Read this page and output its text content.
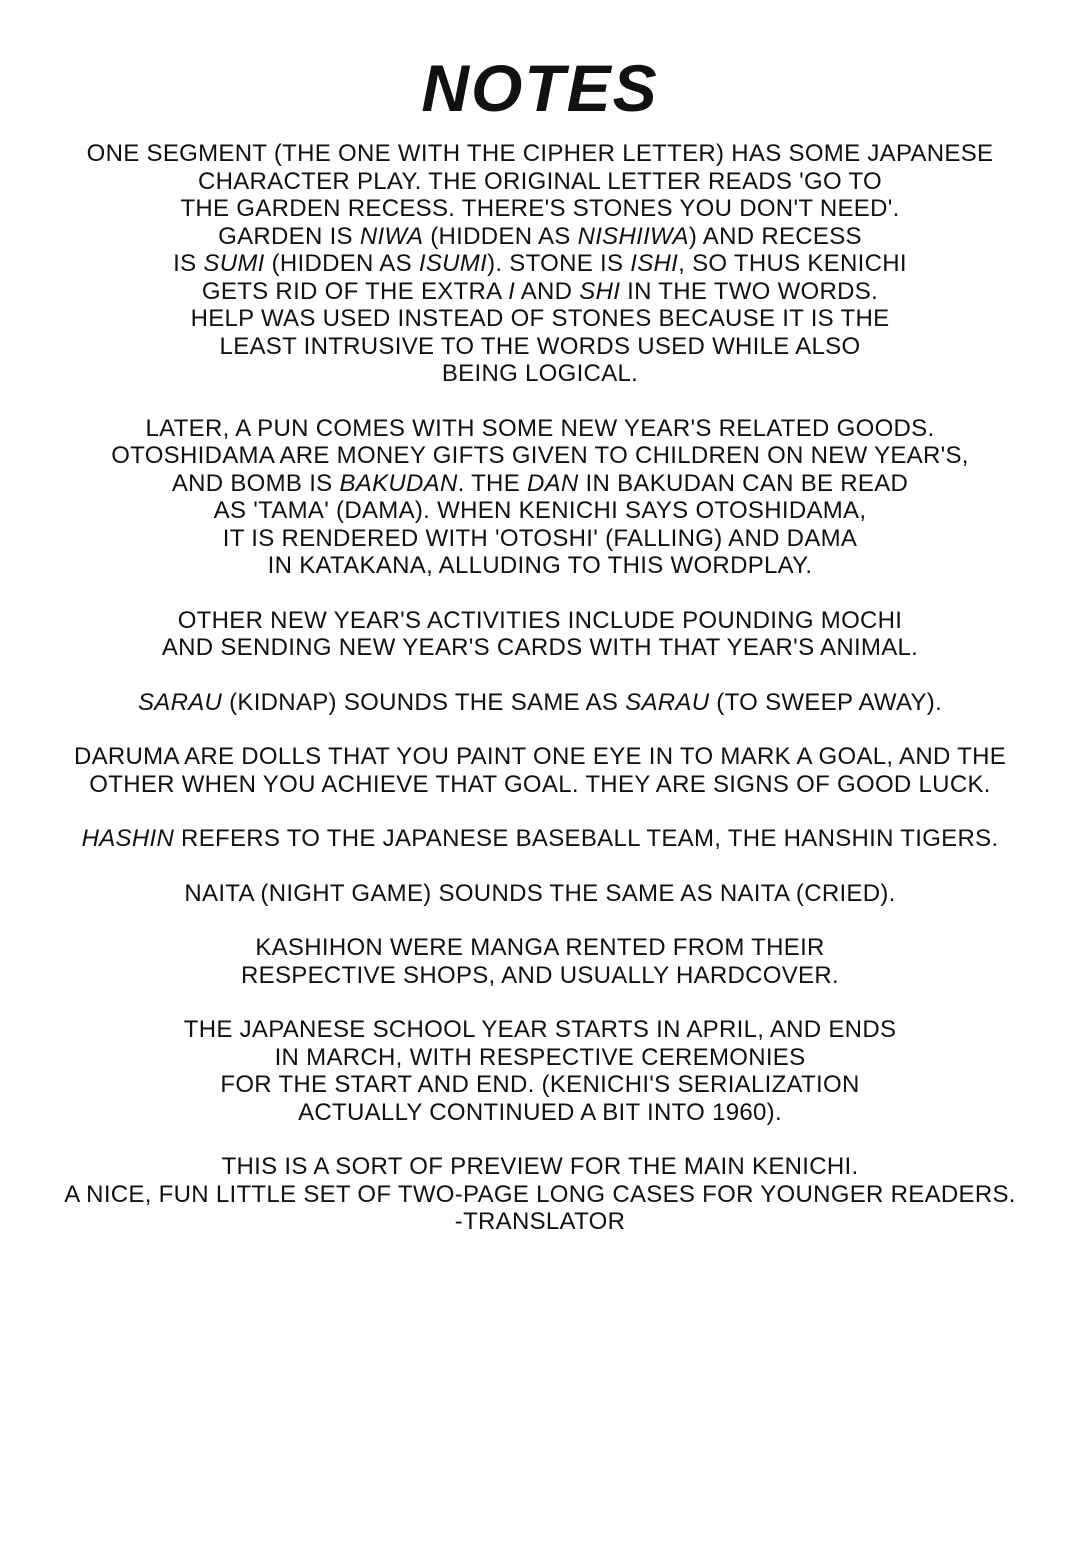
NOTES
ONE SEGMENT (THE ONE WITH THE CIPHER LETTER) HAS SOME JAPANESE
CHARACTER PLAY. THE ORIGINAL LETTER READS 'GO TO
THE GARDEN RECESS. THERE'S STONES YOU DON'T NEED'.
GARDEN IS NIWA (HIDDEN AS NISHIIWA) AND RECESS
IS SUMI (HIDDEN AS ISUMI). STONE IS ISHI, SO THUS KENICHI
GETS RID OF THE EXTRA I AND SHI IN THE TWO WORDS.
HELP WAS USED INSTEAD OF STONES BECAUSE IT IS THE
LEAST INTRUSIVE TO THE WORDS USED WHILE ALSO
BEING LOGICAL.
LATER, A PUN COMES WITH SOME NEW YEAR'S RELATED GOODS.
OTOSHIDAMA ARE MONEY GIFTS GIVEN TO CHILDREN ON NEW YEAR'S,
AND BOMB IS BAKUDAN. THE DAN IN BAKUDAN CAN BE READ
AS 'TAMA' (DAMA). WHEN KENICHI SAYS OTOSHIDAMA,
IT IS RENDERED WITH 'OTOSHI' (FALLING) AND DAMA
IN KATAKANA, ALLUDING TO THIS WORDPLAY.
OTHER NEW YEAR'S ACTIVITIES INCLUDE POUNDING MOCHI
AND SENDING NEW YEAR'S CARDS WITH THAT YEAR'S ANIMAL.
SARAU (KIDNAP) SOUNDS THE SAME AS SARAU (TO SWEEP AWAY).
DARUMA ARE DOLLS THAT YOU PAINT ONE EYE IN TO MARK A GOAL, AND THE
OTHER WHEN YOU ACHIEVE THAT GOAL. THEY ARE SIGNS OF GOOD LUCK.
HASHIN REFERS TO THE JAPANESE BASEBALL TEAM, THE HANSHIN TIGERS.
NAITA (NIGHT GAME) SOUNDS THE SAME AS NAITA (CRIED).
KASHIHON WERE MANGA RENTED FROM THEIR
RESPECTIVE SHOPS, AND USUALLY HARDCOVER.
THE JAPANESE SCHOOL YEAR STARTS IN APRIL, AND ENDS
IN MARCH, WITH RESPECTIVE CEREMONIES
FOR THE START AND END. (KENICHI'S SERIALIZATION
ACTUALLY CONTINUED A BIT INTO 1960).
THIS IS A SORT OF PREVIEW FOR THE MAIN KENICHI.
A NICE, FUN LITTLE SET OF TWO-PAGE LONG CASES FOR YOUNGER READERS.
-TRANSLATOR
